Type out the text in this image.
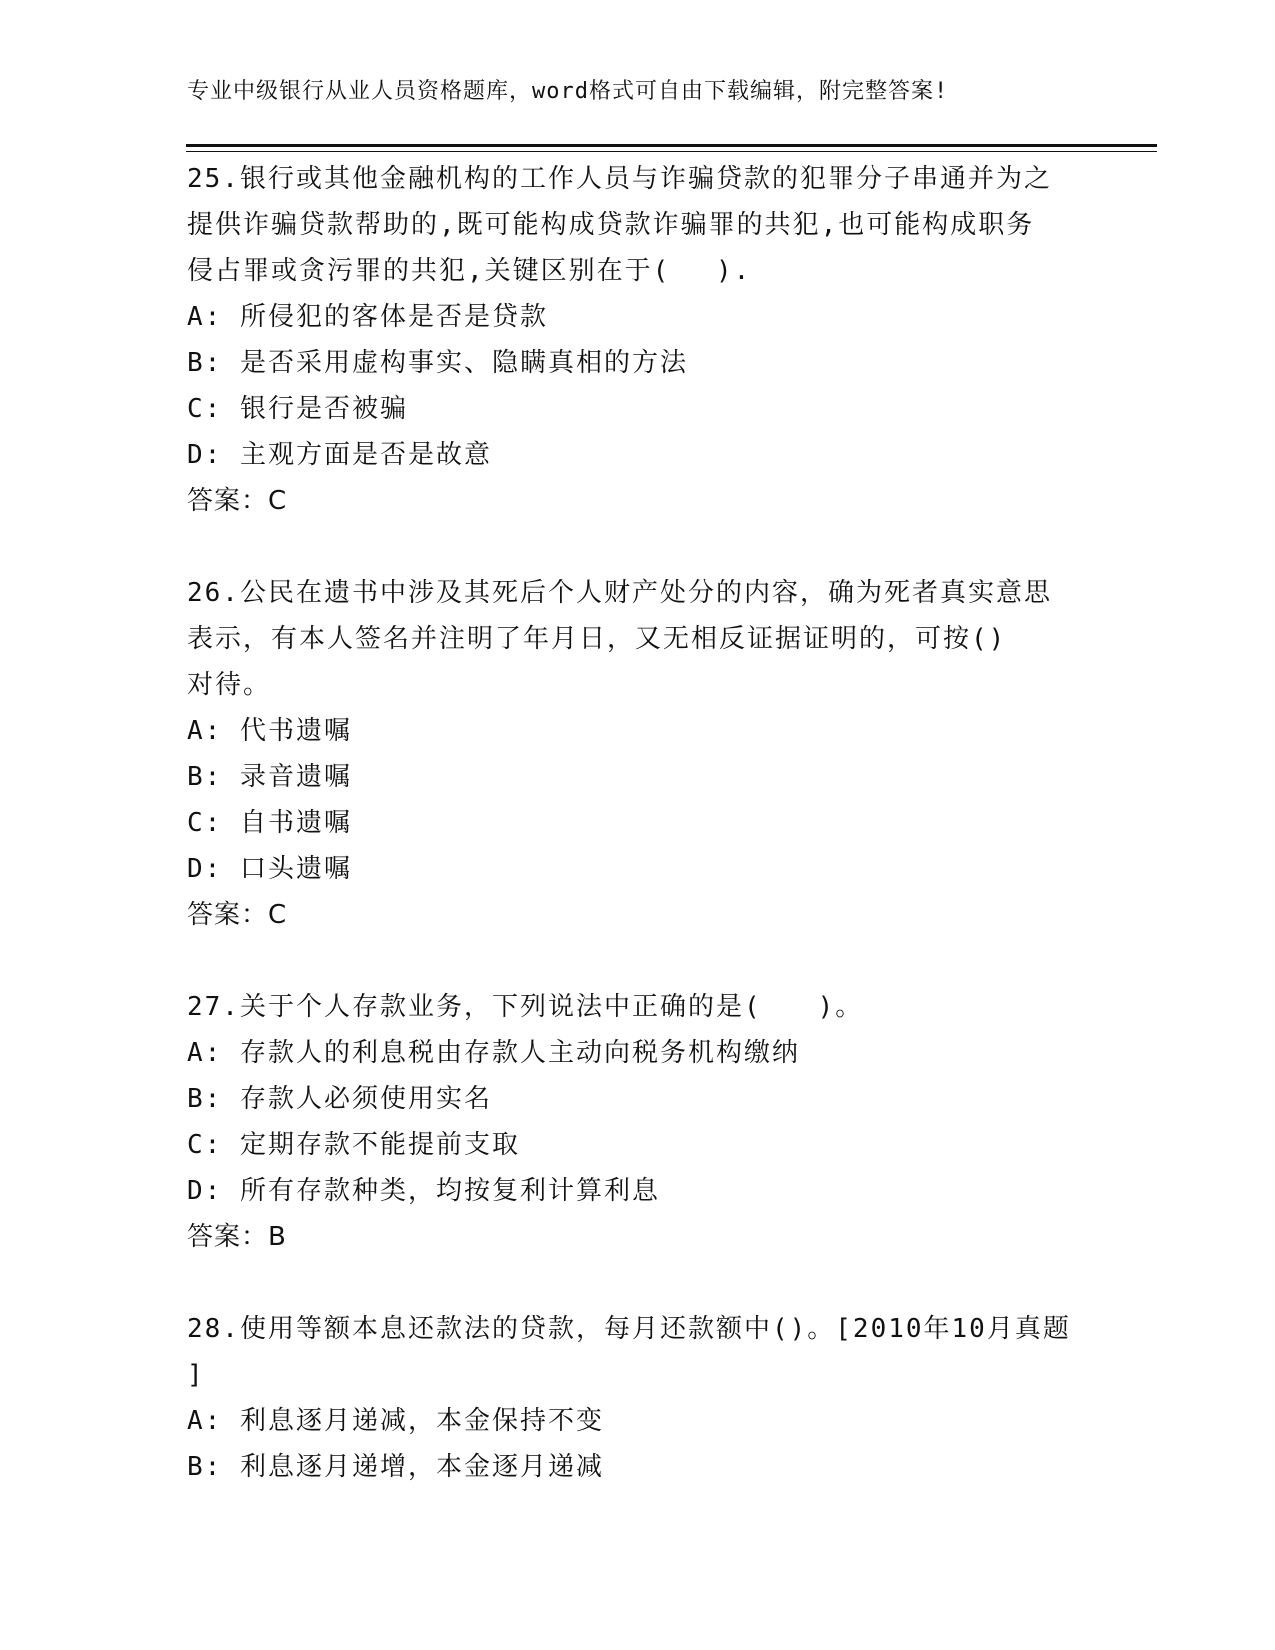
专业中级银行从业人员资格题库，word格式可自由下载编辑，附完整答案!
25.银行或其他金融机构的工作人员与诈骗贷款的犯罪分子串通并为之
提供诈骗贷款帮助的,既可能构成贷款诈骗罪的共犯,也可能构成职务
侵占罪或贪污罪的共犯,关键区别在于(　 ).
A: 所侵犯的客体是否是贷款
B: 是否采用虚构事实、隐瞒真相的方法
C: 银行是否被骗
D: 主观方面是否是故意
答案：C
26.公民在遗书中涉及其死后个人财产处分的内容，确为死者真实意思
表示，有本人签名并注明了年月日，又无相反证据证明的，可按()
对待。
A: 代书遗嘱
B: 录音遗嘱
C: 自书遗嘱
D: 口头遗嘱
答案：C
27.关于个人存款业务，下列说法中正确的是(　　)。
A: 存款人的利息税由存款人主动向税务机构缴纳
B: 存款人必须使用实名
C: 定期存款不能提前支取
D: 所有存款种类，均按复利计算利息
答案：B
28.使用等额本息还款法的贷款，每月还款额中()。[2010年10月真题
]
A: 利息逐月递减，本金保持不变
B: 利息逐月递增，本金逐月递减
